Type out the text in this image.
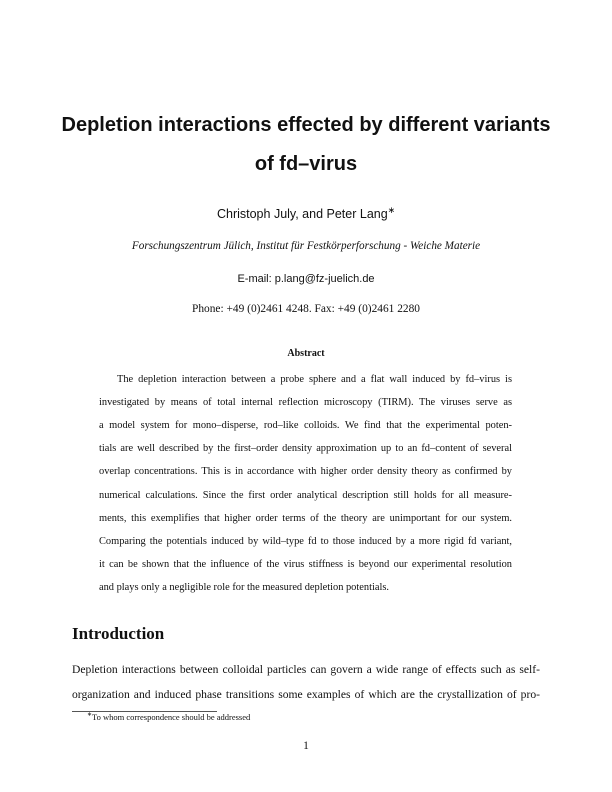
Depletion interactions effected by different variants
of fd–virus
Christoph July, and Peter Lang∗
Forschungszentrum Jülich, Institut für Festkörperforschung - Weiche Materie
E-mail: p.lang@fz-juelich.de
Phone: +49 (0)2461 4248. Fax: +49 (0)2461 2280
Abstract
The depletion interaction between a probe sphere and a flat wall induced by fd–virus is
investigated by means of total internal reflection microscopy (TIRM). The viruses serve as
a model system for mono–disperse, rod–like colloids. We find that the experimental poten-
tials are well described by the first–order density approximation up to an fd–content of several
overlap concentrations. This is in accordance with higher order density theory as confirmed by
numerical calculations. Since the first order analytical description still holds for all measure-
ments, this exemplifies that higher order terms of the theory are unimportant for our system.
Comparing the potentials induced by wild–type fd to those induced by a more rigid fd variant,
it can be shown that the influence of the virus stiffness is beyond our experimental resolution
and plays only a negligible role for the measured depletion potentials.
Introduction
Depletion interactions between colloidal particles can govern a wide range of effects such as self-
organization and induced phase transitions some examples of which are the crystallization of pro-
∗To whom correspondence should be addressed
1
